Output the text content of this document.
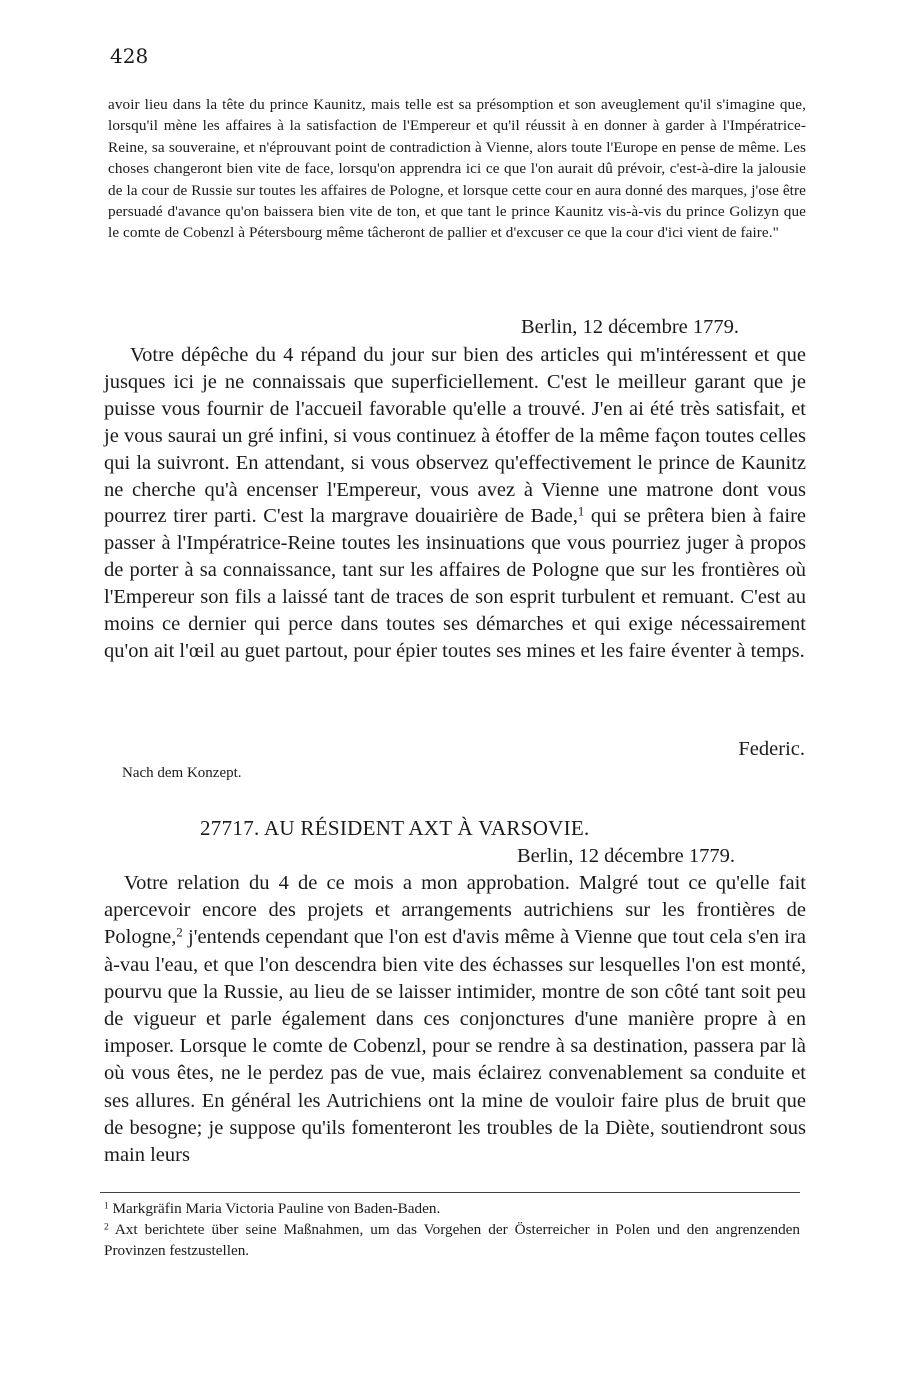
428

avoir lieu dans la tête du prince Kaunitz, mais telle est sa présomption et son aveuglement qu'il s'imagine que, lorsqu'il mène les affaires à la satisfaction de l'Empereur et qu'il réussit à en donner à garder à l'Impératrice-Reine, sa souveraine, et n'éprouvant point de contradiction à Vienne, alors toute l'Europe en pense de même. Les choses changeront bien vite de face, lorsqu'on apprendra ici ce que l'on aurait dû prévoir, c'est-à-dire la jalousie de la cour de Russie sur toutes les affaires de Pologne, et lorsque cette cour en aura donné des marques, j'ose être persuadé d'avance qu'on baissera bien vite de ton, et que tant le prince Kaunitz vis-à-vis du prince Golizyn que le comte de Cobenzl à Pétersbourg même tâcheront de pallier et d'excuser ce que la cour d'ici vient de faire."

Berlin, 12 décembre 1779.

Votre dépêche du 4 répand du jour sur bien des articles qui m'intéressent et que jusques ici je ne connaissais que superficiellement. C'est le meilleur garant que je puisse vous fournir de l'accueil favorable qu'elle a trouvé. J'en ai été très satisfait, et je vous saurai un gré infini, si vous continuez à étoffer de la même façon toutes celles qui la suivront. En attendant, si vous observez qu'effectivement le prince de Kaunitz ne cherche qu'à encenser l'Empereur, vous avez à Vienne une matrone dont vous pourrez tirer parti. C'est la margrave douairière de Bade,$^1$ qui se prêtera bien à faire passer à l'Impératrice-Reine toutes les insinuations que vous pourriez juger à propos de porter à sa connaissance, tant sur les affaires de Pologne que sur les frontières où l'Empereur son fils a laissé tant de traces de son esprit turbulent et remuant. C'est au moins ce dernier qui perce dans toutes ses démarches et qui exige nécessairement qu'on ait l'œil au guet partout, pour épier toutes ses mines et les faire éventer à temps.

Federic.
Nach dem Konzept.
27717. AU RÉSIDENT AXT À VARSOVIE.
Berlin, 12 décembre 1779.

Votre relation du 4 de ce mois a mon approbation. Malgré tout ce qu'elle fait apercevoir encore des projets et arrangements autrichiens sur les frontières de Pologne,$^2$ j'entends cependant que l'on est d'avis même à Vienne que tout cela s'en ira à-vau l'eau, et que l'on descendra bien vite des échasses sur lesquelles l'on est monté, pourvu que la Russie, au lieu de se laisser intimider, montre de son côté tant soit peu de vigueur et parle également dans ces conjonctures d'une manière propre à en imposer. Lorsque le comte de Cobenzl, pour se rendre à sa destination, passera par là où vous êtes, ne le perdez pas de vue, mais éclairez convenablement sa conduite et ses allures. En général les Autrichiens ont la mine de vouloir faire plus de bruit que de besogne; je suppose qu'ils fomenteront les troubles de la Diète, soutiendront sous main leurs

$^1$ Markgräfin Maria Victoria Pauline von Baden-Baden.

$^2$ Axt berichtete über seine Maßnahmen, um das Vorgehen der Österreicher in Polen und den angrenzenden Provinzen festzustellen.
